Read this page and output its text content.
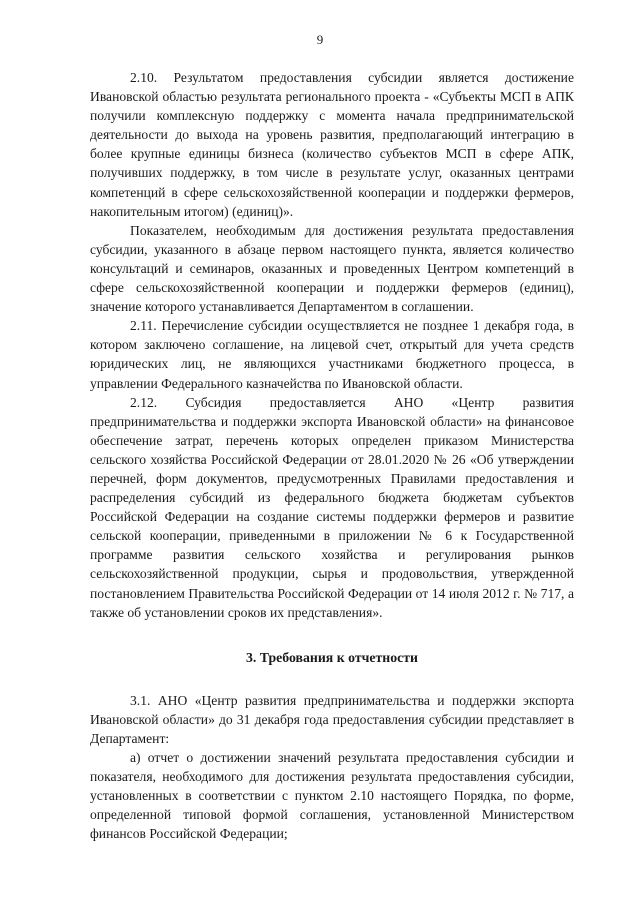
9

2.10. Результатом предоставления субсидии является достижение Ивановской областью результата регионального проекта - «Субъекты МСП в АПК получили комплексную поддержку с момента начала предпринимательской деятельности до выхода на уровень развития, предполагающий интеграцию в более крупные единицы бизнеса (количество субъектов МСП в сфере АПК, получивших поддержку, в том числе в результате услуг, оказанных центрами компетенций в сфере сельскохозяйственной кооперации и поддержки фермеров, накопительным итогом) (единиц)».

Показателем, необходимым для достижения результата предоставления субсидии, указанного в абзаце первом настоящего пункта, является количество консультаций и семинаров, оказанных и проведенных Центром компетенций в сфере сельскохозяйственной кооперации и поддержки фермеров (единиц), значение которого устанавливается Департаментом в соглашении.

2.11. Перечисление субсидии осуществляется не позднее 1 декабря года, в котором заключено соглашение, на лицевой счет, открытый для учета средств юридических лиц, не являющихся участниками бюджетного процесса, в управлении Федерального казначейства по Ивановской области.

2.12. Субсидия предоставляется АНО «Центр развития предпринимательства и поддержки экспорта Ивановской области» на финансовое обеспечение затрат, перечень которых определен приказом Министерства сельского хозяйства Российской Федерации от 28.01.2020 № 26 «Об утверждении перечней, форм документов, предусмотренных Правилами предоставления и распределения субсидий из федерального бюджета бюджетам субъектов Российской Федерации на создание системы поддержки фермеров и развитие сельской кооперации, приведенными в приложении № 6 к Государственной программе развития сельского хозяйства и регулирования рынков сельскохозяйственной продукции, сырья и продовольствия, утвержденной постановлением Правительства Российской Федерации от 14 июля 2012 г. № 717, а также об установлении сроков их представления».

3. Требования к отчетности

3.1. АНО «Центр развития предпринимательства и поддержки экспорта Ивановской области» до 31 декабря года предоставления субсидии представляет в Департамент:

а) отчет о достижении значений результата предоставления субсидии и показателя, необходимого для достижения результата предоставления субсидии, установленных в соответствии с пунктом 2.10 настоящего Порядка, по форме, определенной типовой формой соглашения, установленной Министерством финансов Российской Федерации;
